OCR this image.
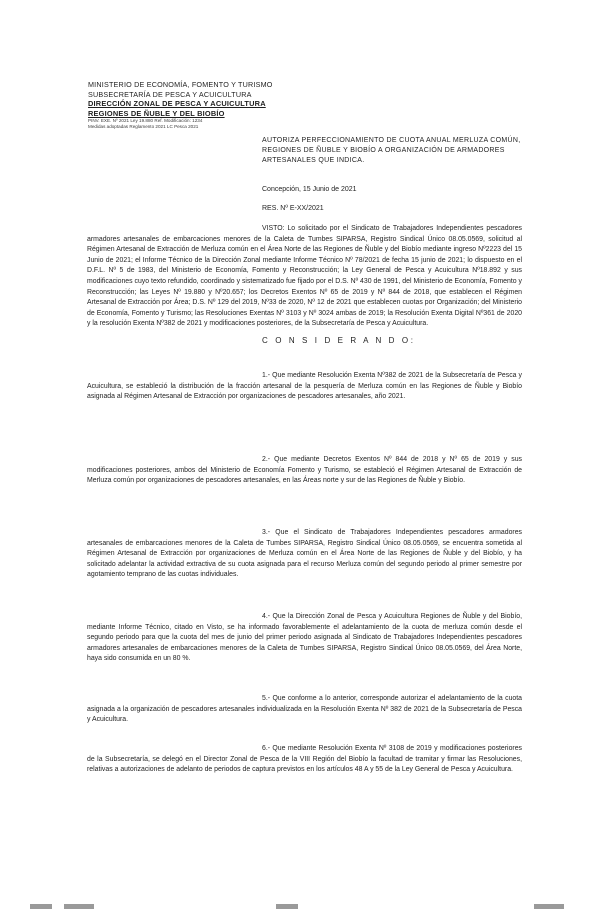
MINISTERIO DE ECONOMÍA, FOMENTO Y TURISMO
SUBSECRETARÍA DE PESCA Y ACUICULTURA
DIRECCIÓN ZONAL DE PESCA Y ACUICULTURA
REGIONES DE ÑUBLE Y DEL BIOBÍO
PINV. EXE. Nº 2021 Ley 19.880 Ref. Modificación: 1234
Medidas adoptadas Reglamento 2021 LC Pesca 2021
AUTORIZA PERFECCIONAMIENTO DE CUOTA ANUAL MERLUZA COMÚN, REGIONES DE ÑUBLE Y BIOBÍO A ORGANIZACIÓN DE ARMADORES ARTESANALES QUE INDICA.
Concepción, 15 Junio de 2021
RES. Nº E-XX/2021
VISTO: Lo solicitado por el Sindicato de Trabajadores Independientes pescadores armadores artesanales de embarcaciones menores de la Caleta de Tumbes SIPARSA, Registro Sindical Único 08.05.0569, solicitud al Régimen Artesanal de Extracción de Merluza común en el Área Norte de las Regiones de Ñuble y del Biobío mediante ingreso Nº2223 del 15 Junio de 2021; el Informe Técnico de la Dirección Zonal mediante Informe Técnico Nº 78/2021 de fecha 15 junio de 2021; lo dispuesto en el D.F.L. Nº 5 de 1983, del Ministerio de Economía, Fomento y Reconstrucción; la Ley General de Pesca y Acuicultura Nº18.892 y sus modificaciones cuyo texto refundido, coordinado y sistematizado fue fijado por el D.S. Nº 430 de 1991, del Ministerio de Economía, Fomento y Reconstrucción; las Leyes Nº 19.880 y Nº20.657; los Decretos Exentos Nº 65 de 2019 y Nº 844 de 2018, que establecen el Régimen Artesanal de Extracción por Área; D.S. Nº 129 del 2019, Nº33 de 2020, Nº 12 de 2021 que establecen cuotas por Organización; del Ministerio de Economía, Fomento y Turismo; las Resoluciones Exentas Nº 3103 y Nº 3024 ambas de 2019; la Resolución Exenta Digital Nº361 de 2020 y la resolución Exenta Nº382 de 2021 y modificaciones posteriores, de la Subsecretaría de Pesca y Acuicultura.
C O N S I D E R A N D O:
1.- Que mediante Resolución Exenta Nº382 de 2021 de la Subsecretaría de Pesca y Acuicultura, se estableció la distribución de la fracción artesanal de la pesquería de Merluza común en las Regiones de Ñuble y Biobío asignada al Régimen Artesanal de Extracción por organizaciones de pescadores artesanales, año 2021.
2.- Que mediante Decretos Exentos Nº 844 de 2018 y Nº 65 de 2019 y sus modificaciones posteriores, ambos del Ministerio de Economía Fomento y Turismo, se estableció el Régimen Artesanal de Extracción de Merluza común por organizaciones de pescadores artesanales, en las Áreas norte y sur de las Regiones de Ñuble y Biobío.
3.- Que el Sindicato de Trabajadores Independientes pescadores armadores artesanales de embarcaciones menores de la Caleta de Tumbes SIPARSA, Registro Sindical Único 08.05.0569, se encuentra sometida al Régimen Artesanal de Extracción por organizaciones de Merluza común en el Área Norte de las Regiones de Ñuble y del Biobío, y ha solicitado adelantar la actividad extractiva de su cuota asignada para el recurso Merluza común del segundo periodo al primer semestre por agotamiento temprano de las cuotas individuales.
4.- Que la Dirección Zonal de Pesca y Acuicultura Regiones de Ñuble y del Biobío, mediante Informe Técnico, citado en Visto, se ha informado favorablemente el adelantamiento de la cuota de merluza común desde el segundo periodo para que la cuota del mes de junio del primer periodo asignada al Sindicato de Trabajadores Independientes pescadores armadores artesanales de embarcaciones menores de la Caleta de Tumbes SIPARSA, Registro Sindical Único 08.05.0569, del Área Norte, haya sido consumida en un 80 %.
5.- Que conforme a lo anterior, corresponde autorizar el adelantamiento de la cuota asignada a la organización de pescadores artesanales individualizada en la Resolución Exenta Nº 382 de 2021 de la Subsecretaría de Pesca y Acuicultura.
6.- Que mediante Resolución Exenta Nº 3108 de 2019 y modificaciones posteriores de la Subsecretaría, se delegó en el Director Zonal de Pesca de la VIII Región del Biobío la facultad de tramitar y firmar las Resoluciones, relativas a autorizaciones de adelanto de periodos de captura previstos en los artículos 48 A y 55 de la Ley General de Pesca y Acuicultura.
